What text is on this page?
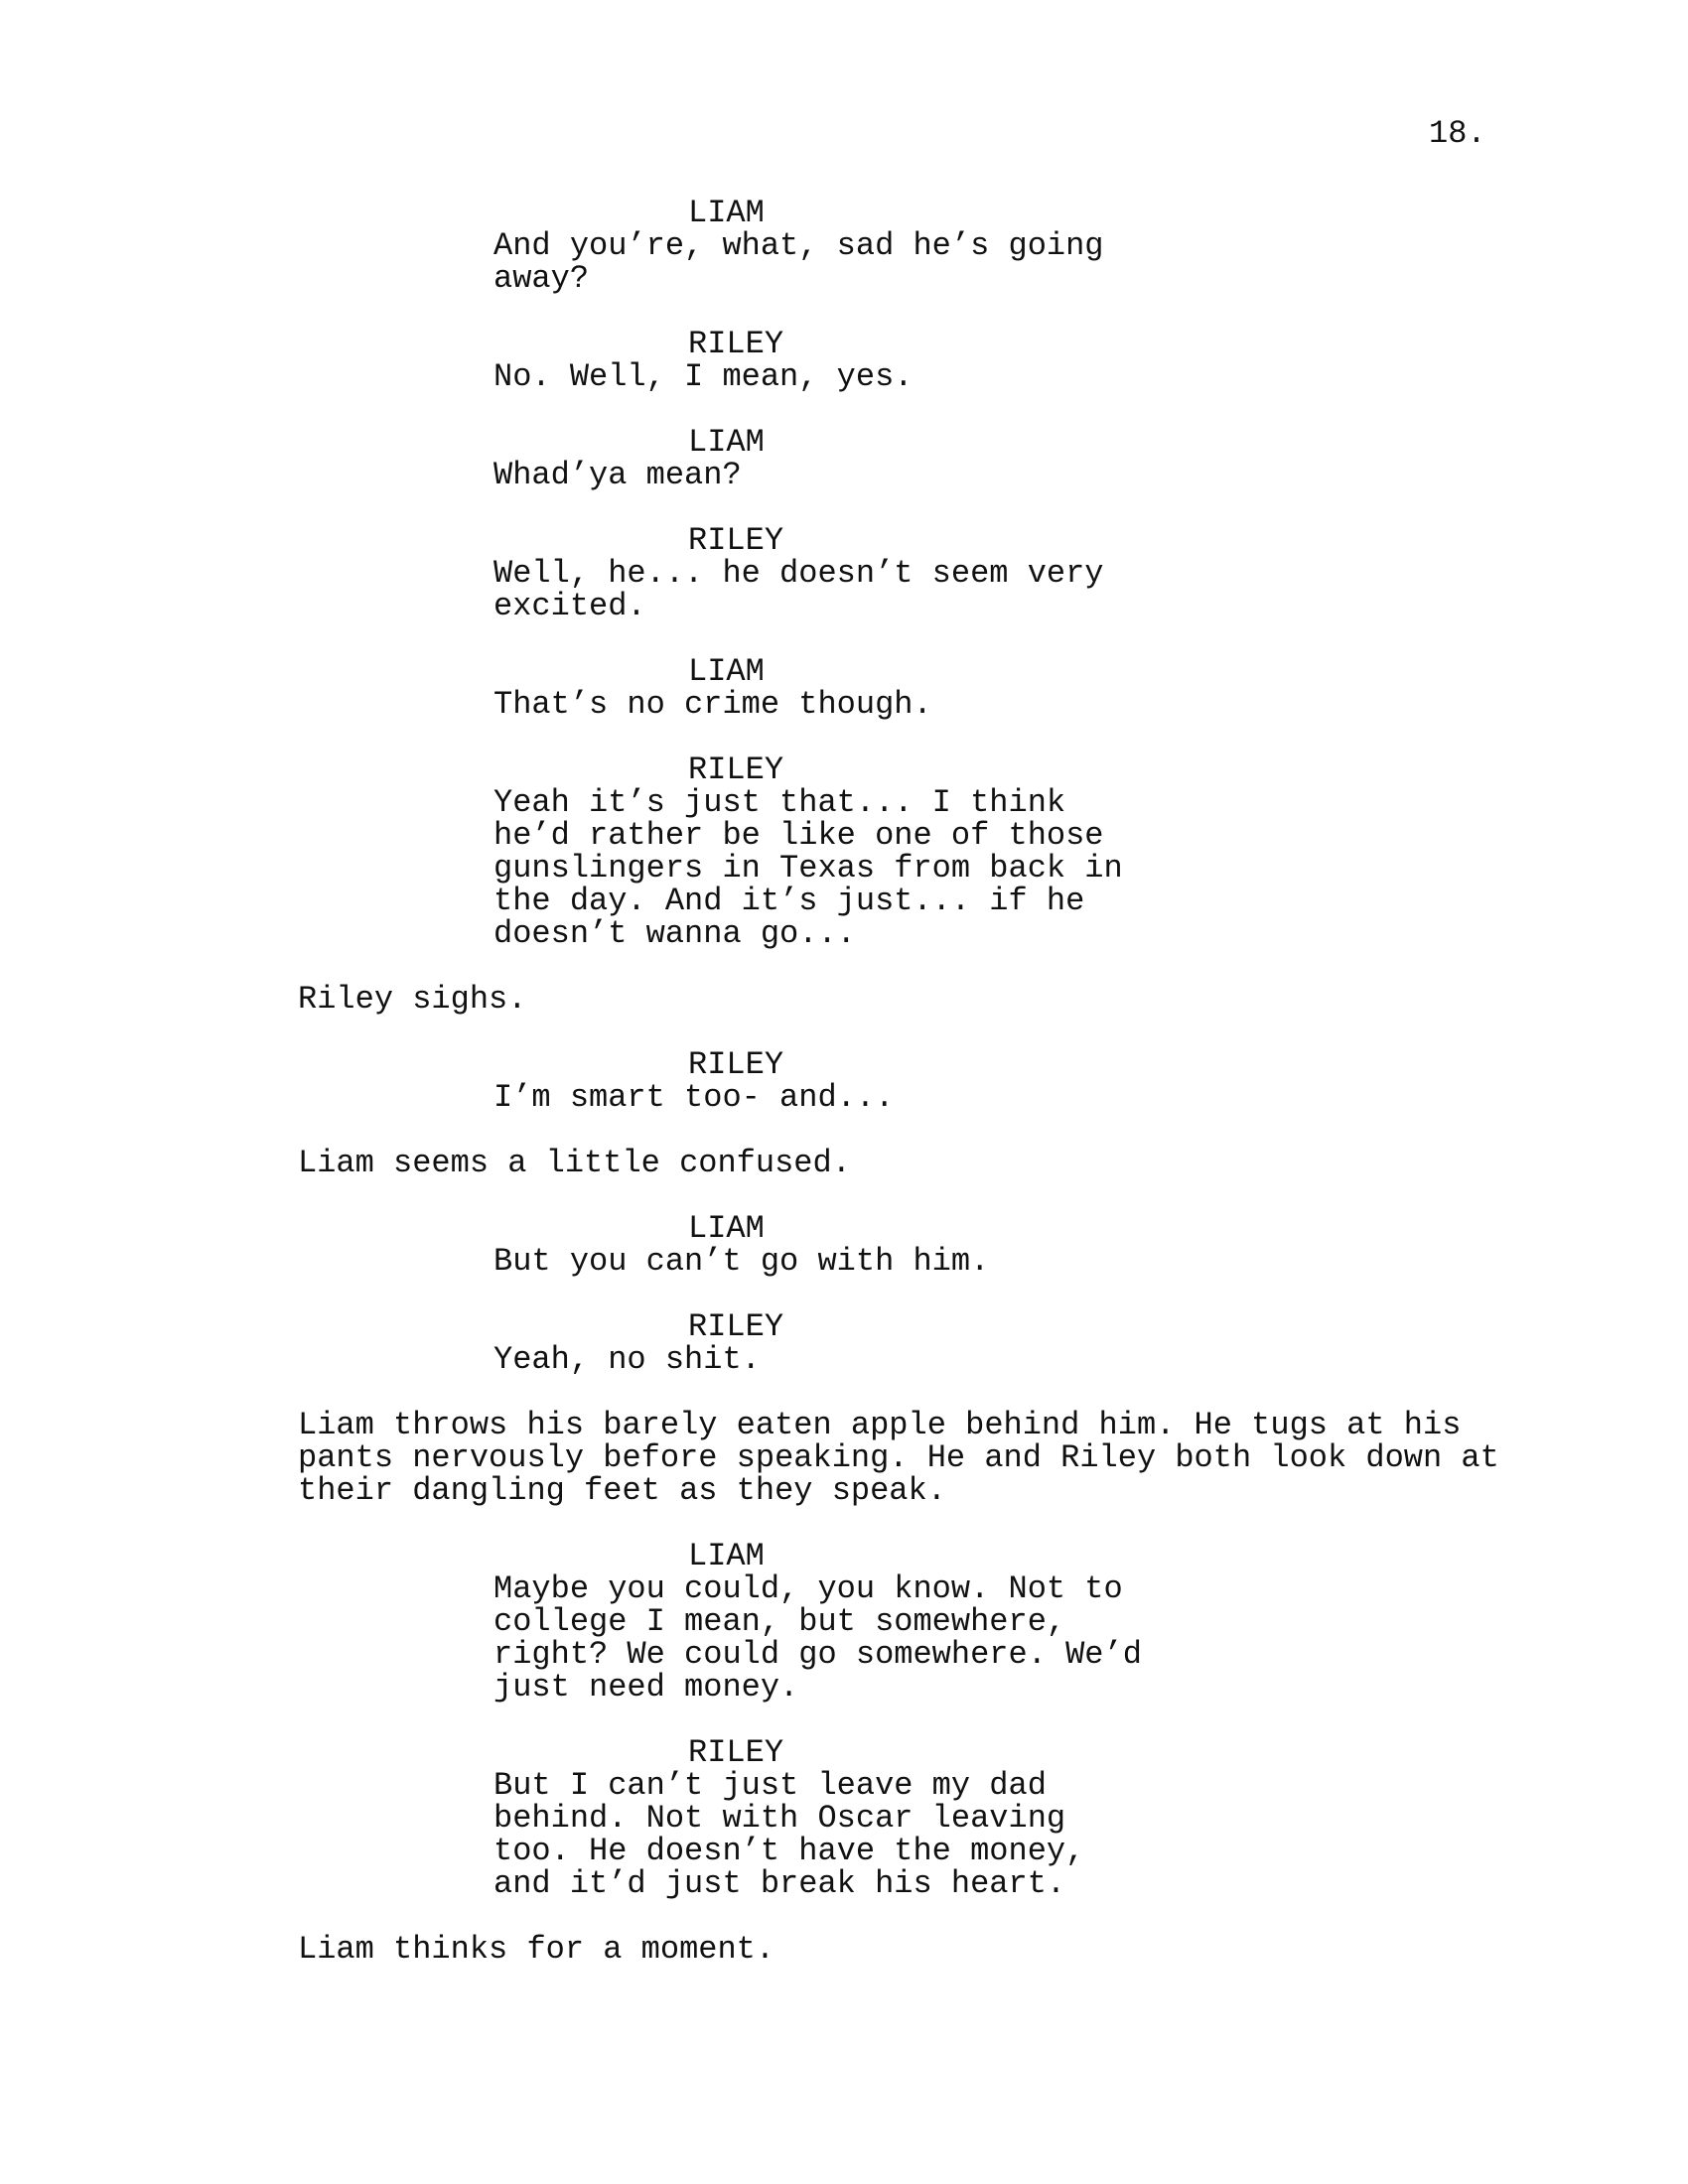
18.
LIAM
And you’re, what, sad he’s going
away?
RILEY
No. Well, I mean, yes.
LIAM
Whad’ya mean?
RILEY
Well, he... he doesn’t seem very
excited.
LIAM
That’s no crime though.
RILEY
Yeah it’s just that... I think
he’d rather be like one of those
gunslingers in Texas from back in
the day. And it’s just... if he
doesn’t wanna go...
Riley sighs.
RILEY
I’m smart too- and...
Liam seems a little confused.
LIAM
But you can’t go with him.
RILEY
Yeah, no shit.
Liam throws his barely eaten apple behind him. He tugs at his
pants nervously before speaking. He and Riley both look down at
their dangling feet as they speak.
LIAM
Maybe you could, you know. Not to
college I mean, but somewhere,
right? We could go somewhere. We’d
just need money.
RILEY
But I can’t just leave my dad
behind. Not with Oscar leaving
too. He doesn’t have the money,
and it’d just break his heart.
Liam thinks for a moment.
